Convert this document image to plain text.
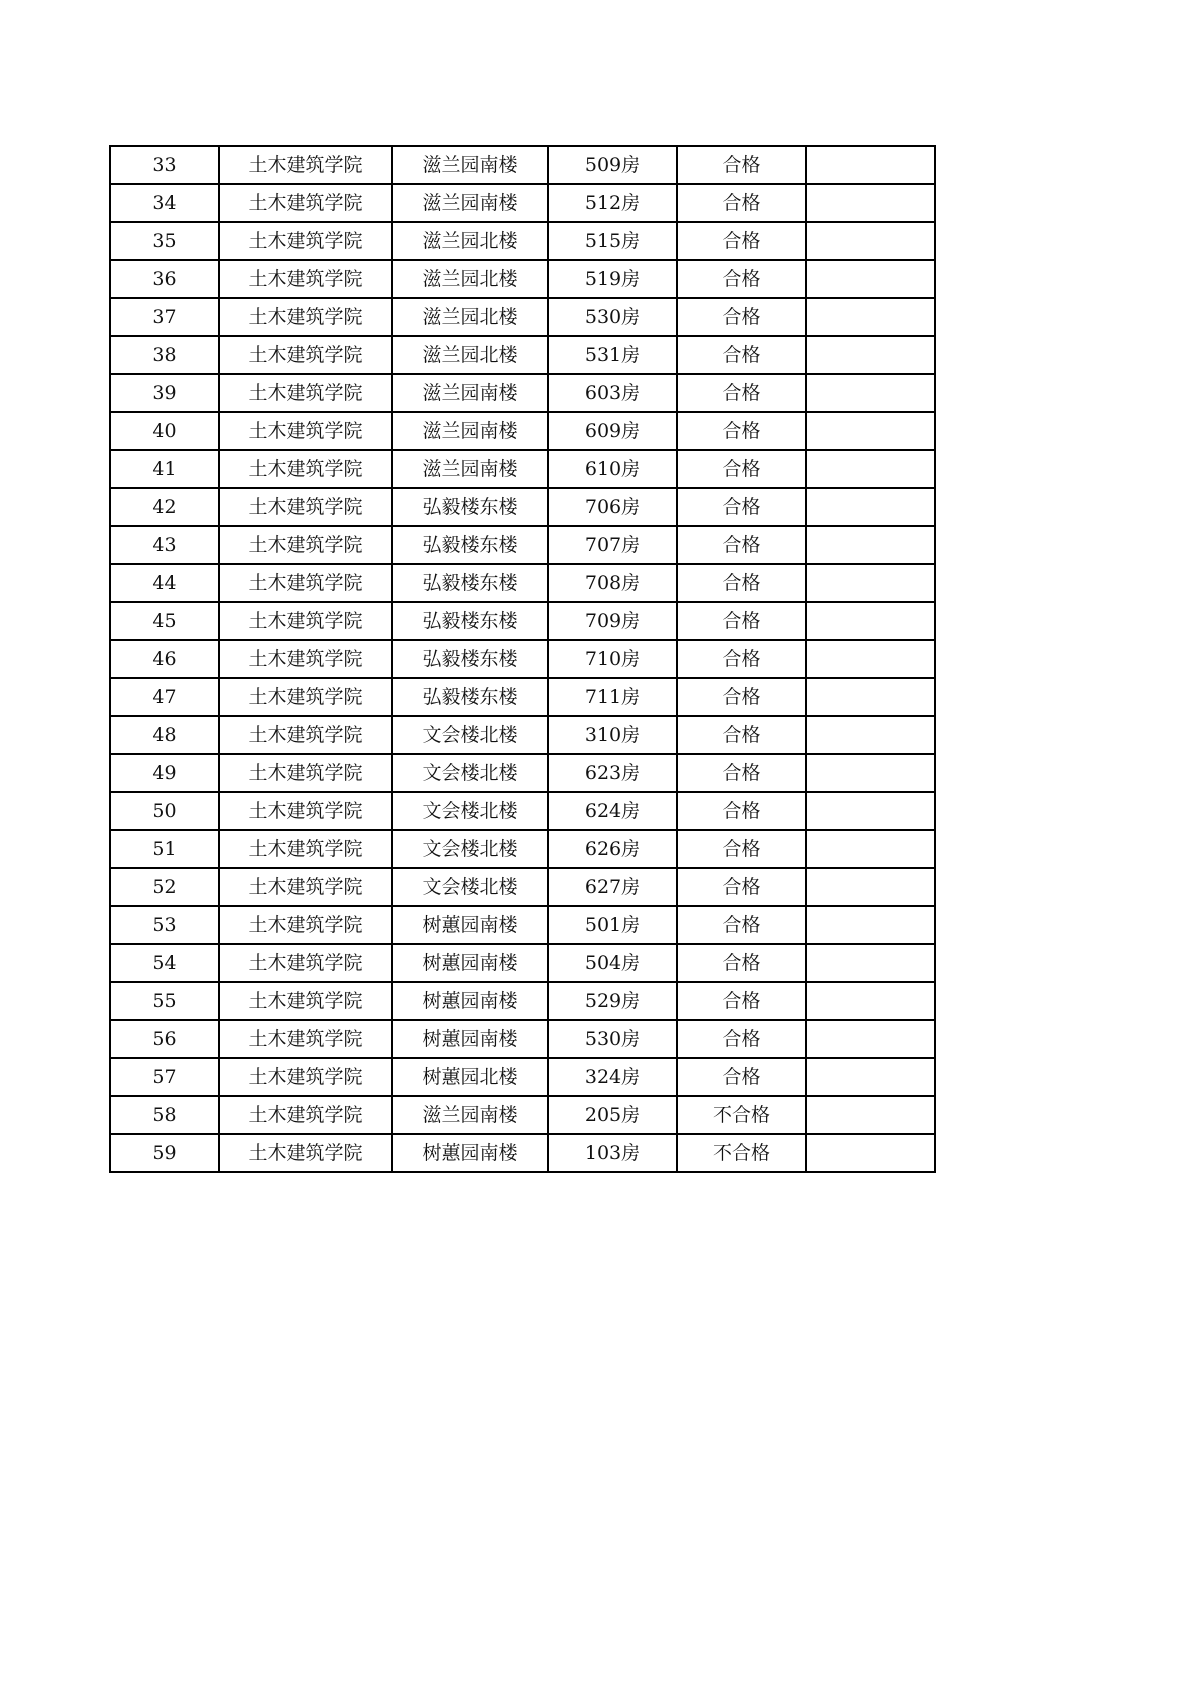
33	土木建筑学院	滋兰园南楼	509房	合格	
34	土木建筑学院	滋兰园南楼	512房	合格	
35	土木建筑学院	滋兰园北楼	515房	合格	
36	土木建筑学院	滋兰园北楼	519房	合格	
37	土木建筑学院	滋兰园北楼	530房	合格	
38	土木建筑学院	滋兰园北楼	531房	合格	
39	土木建筑学院	滋兰园南楼	603房	合格	
40	土木建筑学院	滋兰园南楼	609房	合格	
41	土木建筑学院	滋兰园南楼	610房	合格	
42	土木建筑学院	弘毅楼东楼	706房	合格	
43	土木建筑学院	弘毅楼东楼	707房	合格	
44	土木建筑学院	弘毅楼东楼	708房	合格	
45	土木建筑学院	弘毅楼东楼	709房	合格	
46	土木建筑学院	弘毅楼东楼	710房	合格	
47	土木建筑学院	弘毅楼东楼	711房	合格	
48	土木建筑学院	文会楼北楼	310房	合格	
49	土木建筑学院	文会楼北楼	623房	合格	
50	土木建筑学院	文会楼北楼	624房	合格	
51	土木建筑学院	文会楼北楼	626房	合格	
52	土木建筑学院	文会楼北楼	627房	合格	
53	土木建筑学院	树蕙园南楼	501房	合格	
54	土木建筑学院	树蕙园南楼	504房	合格	
55	土木建筑学院	树蕙园南楼	529房	合格	
56	土木建筑学院	树蕙园南楼	530房	合格	
57	土木建筑学院	树蕙园北楼	324房	合格	
58	土木建筑学院	滋兰园南楼	205房	不合格	
59	土木建筑学院	树蕙园南楼	103房	不合格	
